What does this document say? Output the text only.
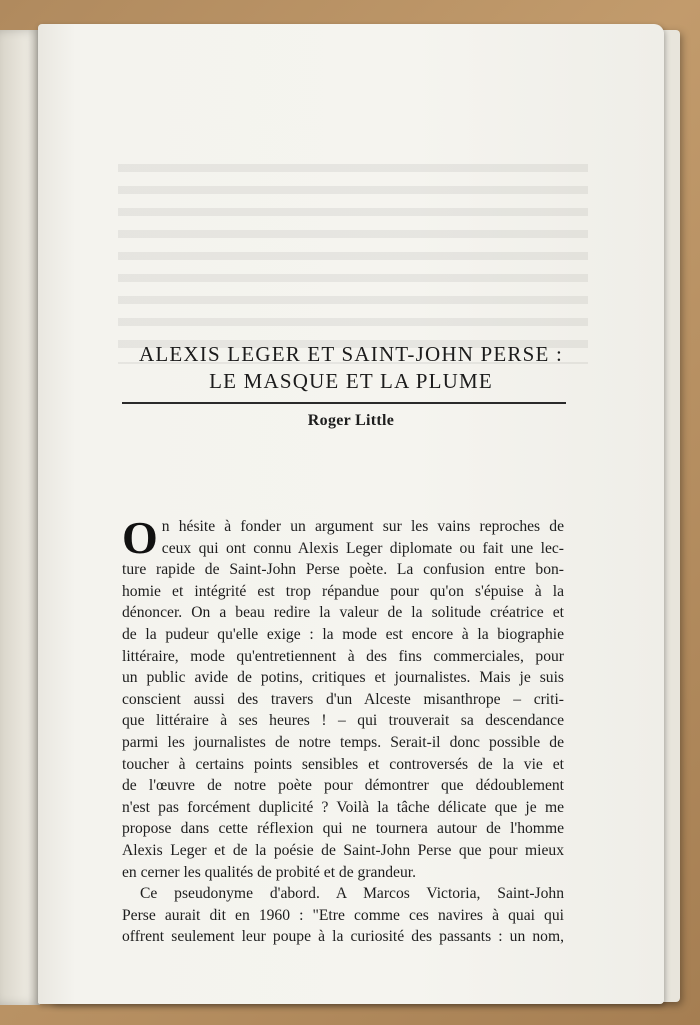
ALEXIS LEGER ET SAINT-JOHN PERSE :
LE MASQUE ET LA PLUME
Roger Little

O n hésite à fonder un argument sur les vains reproches de
ceux qui ont connu Alexis Leger diplomate ou fait une lec-
ture rapide de Saint-John Perse poète. La confusion entre bon-
homie et intégrité est trop répandue pour qu'on s'épuise à la
dénoncer. On a beau redire la valeur de la solitude créatrice et
de la pudeur qu'elle exige : la mode est encore à la biographie
littéraire, mode qu'entretiennent à des fins commerciales, pour
un public avide de potins, critiques et journalistes. Mais je suis
conscient aussi des travers d'un Alceste misanthrope – criti-
que littéraire à ses heures ! – qui trouverait sa descendance
parmi les journalistes de notre temps. Serait-il donc possible de
toucher à certains points sensibles et controversés de la vie et
de l'œuvre de notre poète pour démontrer que dédoublement
n'est pas forcément duplicité ? Voilà la tâche délicate que je me
propose dans cette réflexion qui ne tournera autour de l'homme
Alexis Leger et de la poésie de Saint-John Perse que pour mieux
en cerner les qualités de probité et de grandeur.

Ce pseudonyme d'abord. A Marcos Victoria, Saint-John
Perse aurait dit en 1960 : "Etre comme ces navires à quai qui
offrent seulement leur poupe à la curiosité des passants : un nom,
